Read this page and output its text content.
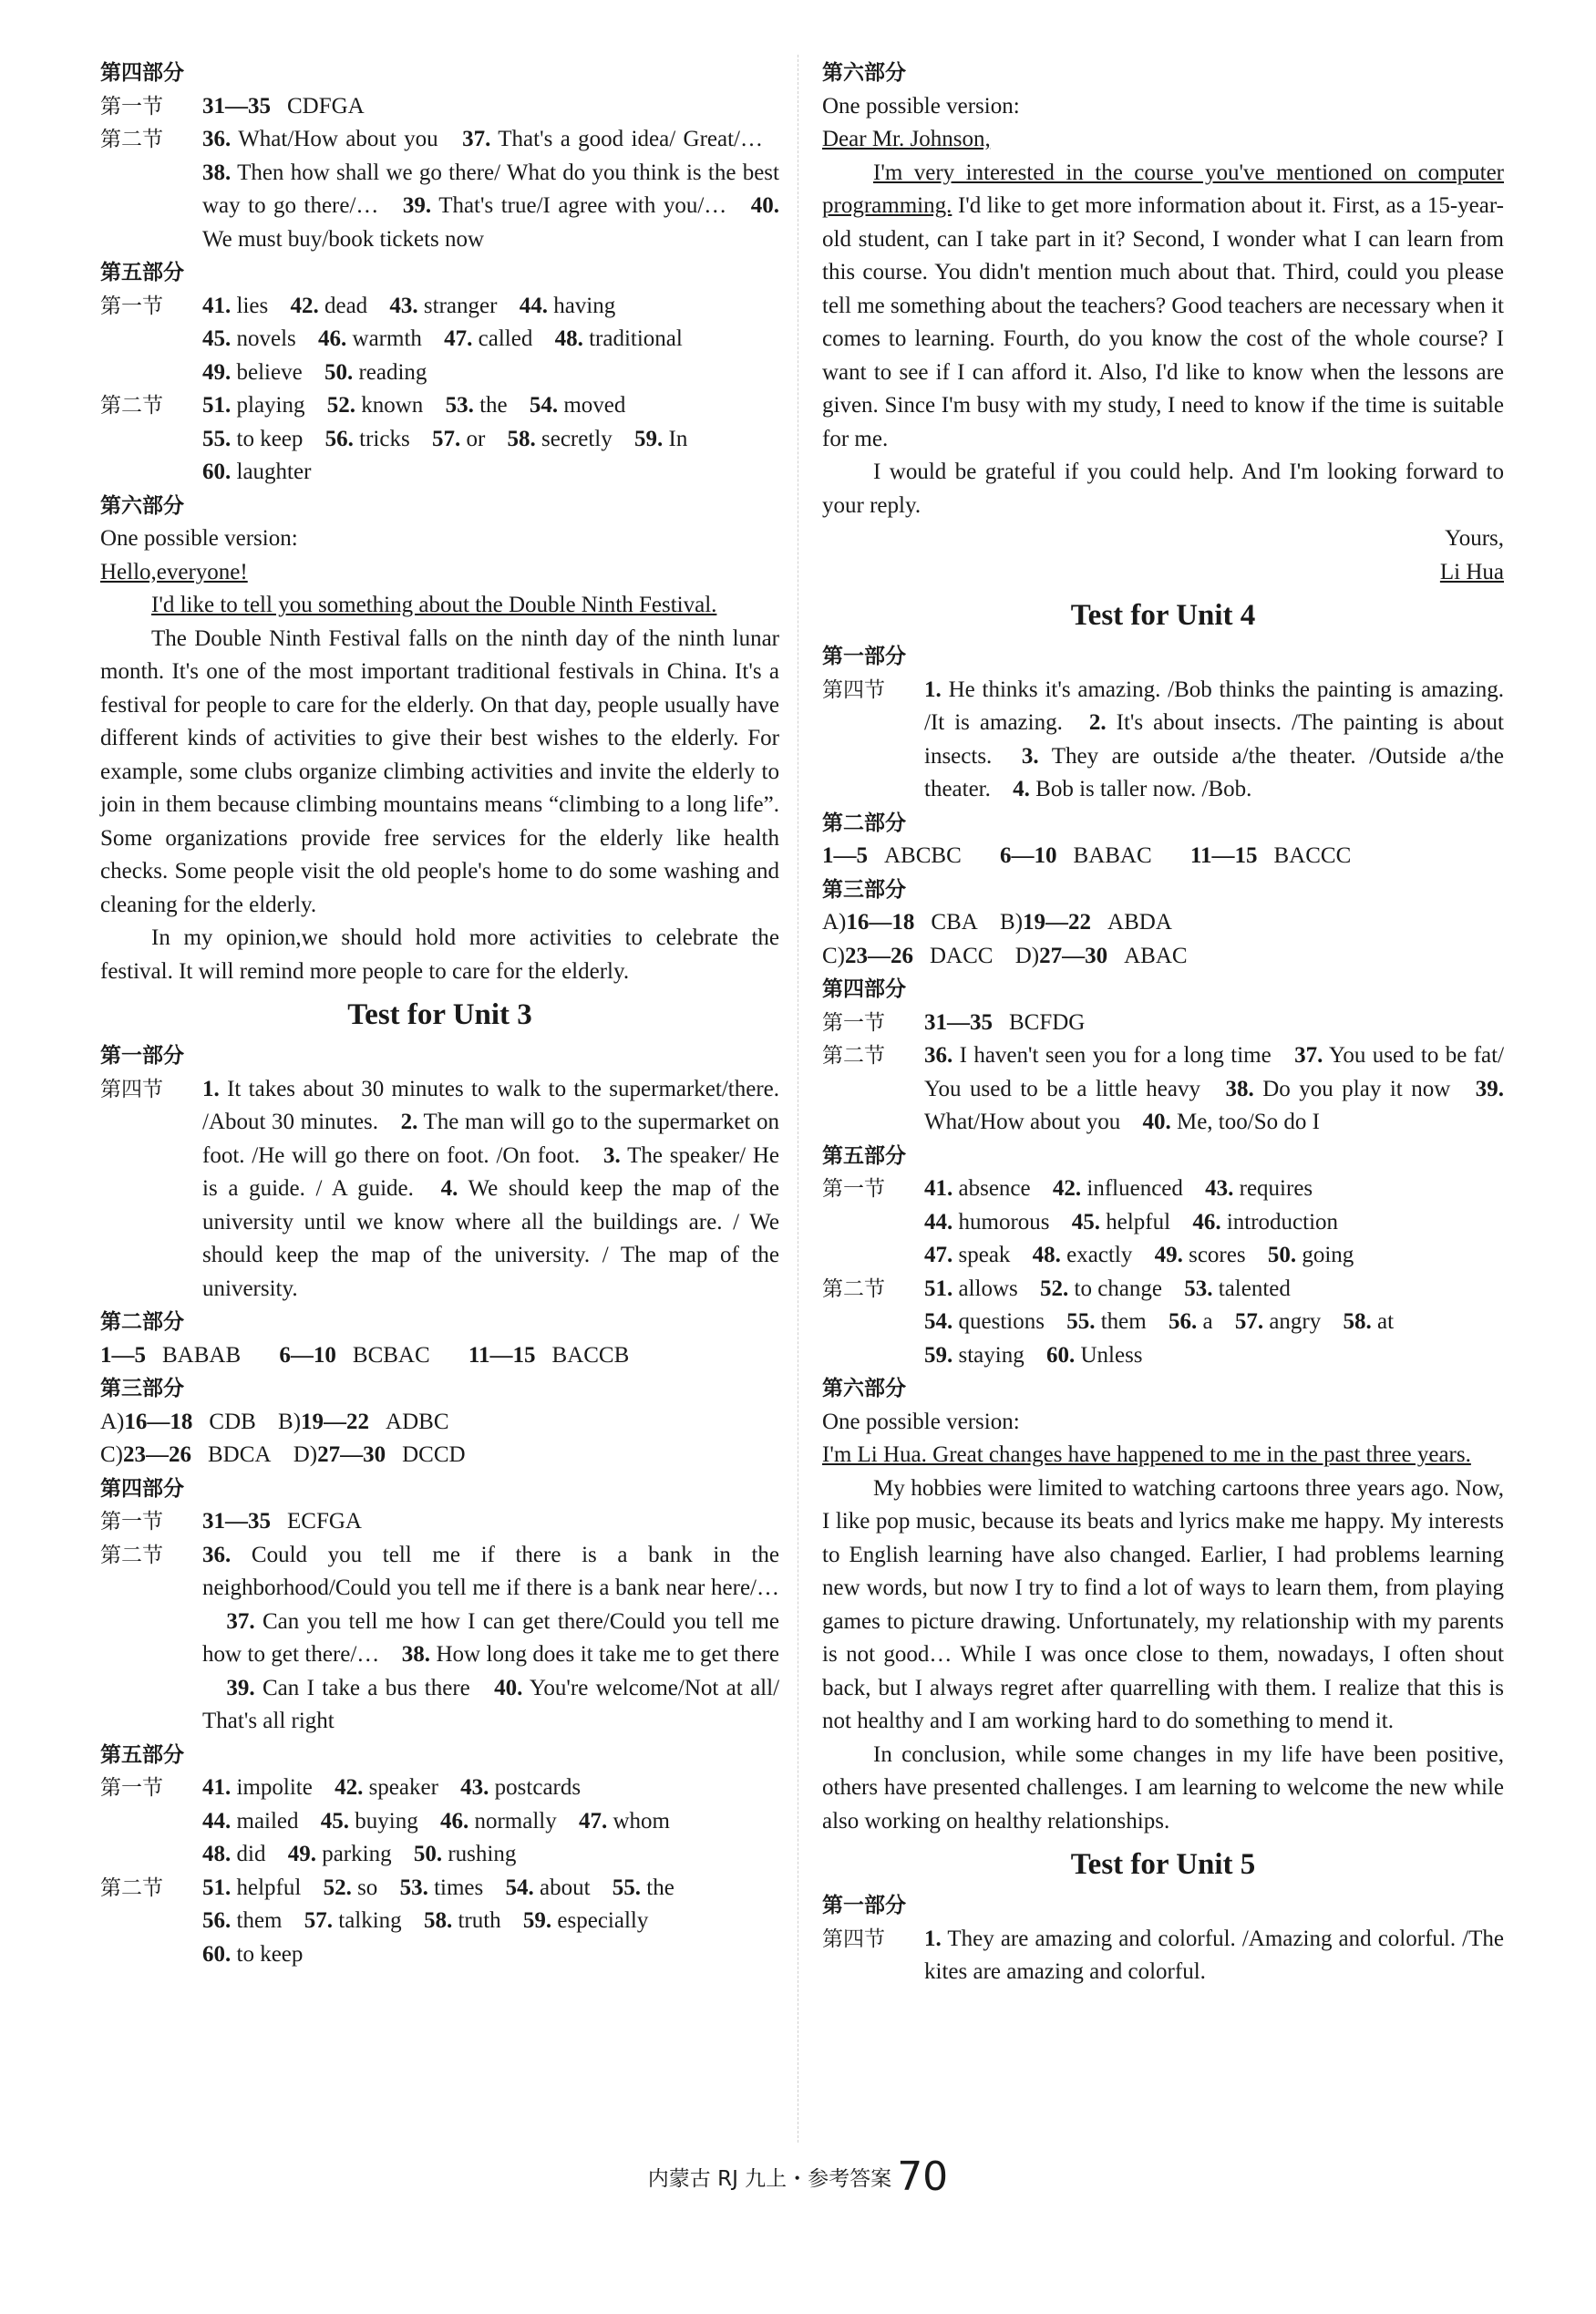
第四部分
第一节	31—35 CDFGA
第二节	36. What/How about you 37. That's a good idea/ Great/… 38. Then how shall we go there/ What do you think is the best way to go there/… 39. That's true/I agree with you/… 40. We must buy/book tickets now
第五部分
第一节	41. lies 42. dead 43. stranger 44. having
45. novels 46. warmth 47. called 48. traditional
49. believe 50. reading
第二节	51. playing 52. known 53. the 54. moved
55. to keep 56. tricks 57. or 58. secretly 59. In
60. laughter
第六部分
One possible version:
Hello,everyone!

I'd like to tell you something about the Double Ninth Festival.

The Double Ninth Festival falls on the ninth day of the ninth lunar month. It's one of the most important traditional festivals in China. It's a festival for people to care for the elderly. On that day, people usually have different kinds of activities to give their best wishes to the elderly. For example, some clubs organize climbing activities and invite the elderly to join in them because climbing mountains means “climbing to a long life”. Some organizations provide free services for the elderly like health checks. Some people visit the old people's home to do some washing and cleaning for the elderly.

In my opinion,we should hold more activities to celebrate the festival. It will remind more people to care for the elderly.

Test for Unit 3
第一部分
第四节	1. It takes about 30 minutes to walk to the supermarket/there. /About 30 minutes. 2. The man will go to the supermarket on foot. /He will go there on foot. /On foot. 3. The speaker/ He is a guide. / A guide. 4. We should keep the map of the university until we know where all the buildings are. / We should keep the map of the university. / The map of the university.
第二部分
1—5 BABAB 6—10 BCBAC 11—15 BACCB
第三部分
A)16—18 CDB B)19—22 ADBC
C)23—26 BDCA D)27—30 DCCD
第四部分
第一节	31—35 ECFGA
第二节	36. Could you tell me if there is a bank in the neighborhood/Could you tell me if there is a bank near here/… 37. Can you tell me how I can get there/Could you tell me how to get there/… 38. How long does it take me to get there 39. Can I take a bus there 40. You're welcome/Not at all/ That's all right
第五部分
第一节	41. impolite 42. speaker 43. postcards
44. mailed 45. buying 46. normally 47. whom
48. did 49. parking 50. rushing
第二节	51. helpful 52. so 53. times 54. about 55. the
56. them 57. talking 58. truth 59. especially
60. to keep
第六部分
One possible version:
Dear Mr. Johnson,

I'm very interested in the course you've mentioned on computer programming. I'd like to get more information about it. First, as a 15-year-old student, can I take part in it? Second, I wonder what I can learn from this course. You didn't mention much about that. Third, could you please tell me something about the teachers? Good teachers are necessary when it comes to learning. Fourth, do you know the cost of the whole course? I want to see if I can afford it. Also, I'd like to know when the lessons are given. Since I'm busy with my study, I need to know if the time is suitable for me.

I would be grateful if you could help. And I'm looking forward to your reply.

Yours,
Li Hua
Test for Unit 4
第一部分
第四节	1. He thinks it's amazing. /Bob thinks the painting is amazing. /It is amazing. 2. It's about insects. /The painting is about insects. 3. They are outside a/the theater. /Outside a/the theater. 4. Bob is taller now. /Bob.
第二部分
1—5 ABCBC 6—10 BABAC 11—15 BACCC
第三部分
A)16—18 CBA B)19—22 ABDA
C)23—26 DACC D)27—30 ABAC
第四部分
第一节	31—35 BCFDG
第二节	36. I haven't seen you for a long time 37. You used to be fat/ You used to be a little heavy 38. Do you play it now 39. What/How about you 40. Me, too/So do I
第五部分
第一节	41. absence 42. influenced 43. requires
44. humorous 45. helpful 46. introduction
47. speak 48. exactly 49. scores 50. going
第二节	51. allows 52. to change 53. talented
54. questions 55. them 56. a 57. angry 58. at
59. staying 60. Unless
第六部分
One possible version:

I'm Li Hua. Great changes have happened to me in the past three years.

My hobbies were limited to watching cartoons three years ago. Now, I like pop music, because its beats and lyrics make me happy. My interests to English learning have also changed. Earlier, I had problems learning new words, but now I try to find a lot of ways to learn them, from playing games to picture drawing. Unfortunately, my relationship with my parents is not good… While I was once close to them, nowadays, I often shout back, but I always regret after quarrelling with them. I realize that this is not healthy and I am working hard to do something to mend it.

In conclusion, while some changes in my life have been positive, others have presented challenges. I am learning to welcome the new while also working on healthy relationships.

Test for Unit 5
第一部分
第四节	1. They are amazing and colorful. /Amazing and colorful. /The kites are amazing and colorful.
内蒙古 RJ 九上・参考答案 70
